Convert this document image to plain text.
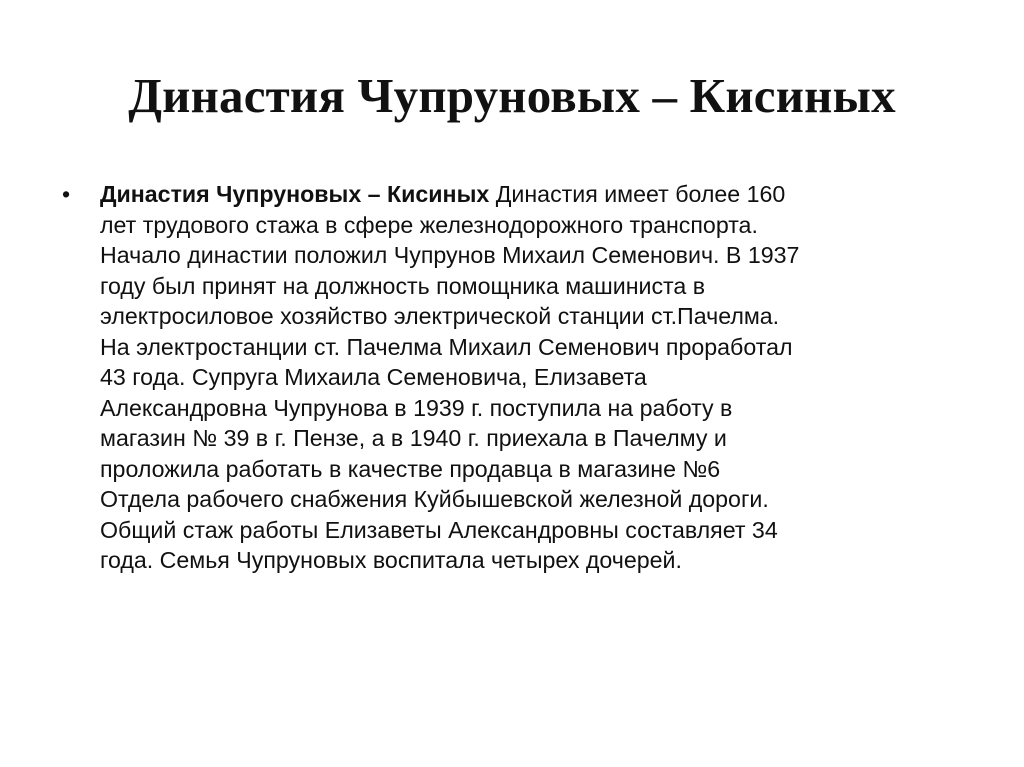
Династия Чупруновых – Кисиных
•	Династия Чупруновых – Кисиных Династия имеет более 160
лет трудового стажа в сфере железнодорожного транспорта.
Начало династии положил Чупрунов Михаил Семенович. В 1937
году был принят на должность помощника машиниста в
электросиловое хозяйство электрической станции ст.Пачелма.
На электростанции ст. Пачелма Михаил Семенович проработал
43 года. Супруга Михаила Семеновича, Елизавета
Александровна Чупрунова в 1939 г. поступила на работу в
магазин № 39 в г. Пензе, а в 1940 г. приехала в Пачелму и
проложила работать в качестве продавца в магазине №6
Отдела рабочего снабжения Куйбышевской железной дороги.
Общий стаж работы Елизаветы Александровны составляет 34
года. Семья Чупруновых воспитала четырех дочерей.
